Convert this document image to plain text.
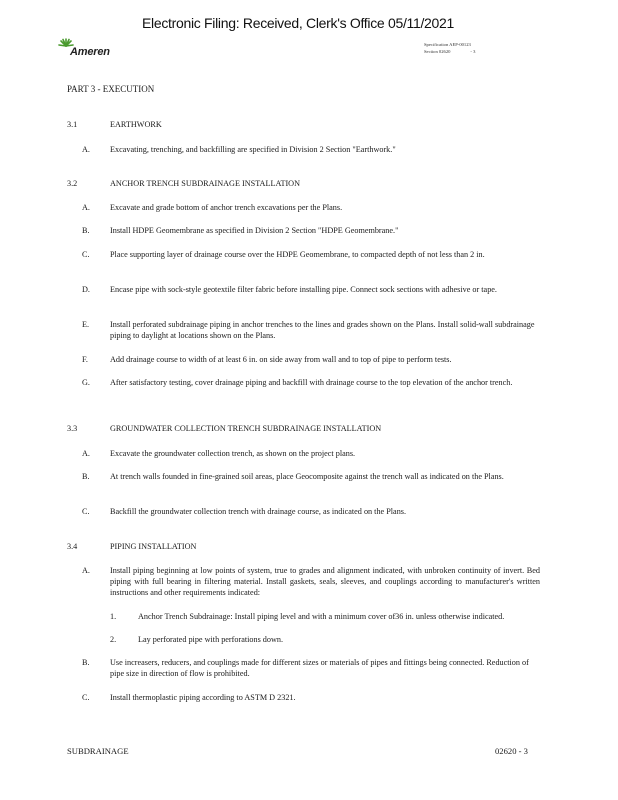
Electronic Filing: Received, Clerk's Office 05/11/2021
Ameren
Specification AEP-00123
Section 02620	- 3
PART 3 - EXECUTION
3.1	EARTHWORK
A. Excavating, trenching, and backfilling are specified in Division 2 Section "Earthwork."
3.2	ANCHOR TRENCH SUBDRAINAGE INSTALLATION
A. Excavate and grade bottom of anchor trench excavations per the Plans.
B. Install HDPE Geomembrane as specified in Division 2 Section "HDPE Geomembrane."
C. Place supporting layer of drainage course over the HDPE Geomembrane, to compacted depth of not less than 2 in.
D. Encase pipe with sock-style geotextile filter fabric before installing pipe. Connect sock sections with adhesive or tape.
E.	Install perforated subdrainage piping in anchor trenches to the lines and grades shown on the Plans. Install solid-wall subdrainage piping to daylight at locations shown on the Plans.
F.	Add drainage course to width of at least 6 in. on side away from wall and to top of pipe to perform tests.
G. After satisfactory testing, cover drainage piping and backfill with drainage course to the top elevation of the anchor trench.
3.3	GROUNDWATER COLLECTION TRENCH SUBDRAINAGE INSTALLATION
A. Excavate the groundwater collection trench, as shown on the project plans.
B. At trench walls founded in fine-grained soil areas, place Geocomposite against the trench wall as indicated on the Plans.
C. Backfill the groundwater collection trench with drainage course, as indicated on the Plans.
3.4	PIPING INSTALLATION
A. Install piping beginning at low points of system, true to grades and alignment indicated, with unbroken continuity of invert. Bed piping with full bearing in filtering material. Install gaskets, seals, sleeves, and couplings according to manufacturer's written instructions and other requirements indicated:
1.	Anchor Trench Subdrainage: Install piping level and with a minimum cover of36 in. unless otherwise indicated.
2.	Lay perforated pipe with perforations down.
B. Use increasers, reducers, and couplings made for different sizes or materials of pipes and fittings being connected. Reduction of pipe size in direction of flow is prohibited.
C. Install thermoplastic piping according to ASTM D 2321.
SUBDRAINAGE	02620 - 3
